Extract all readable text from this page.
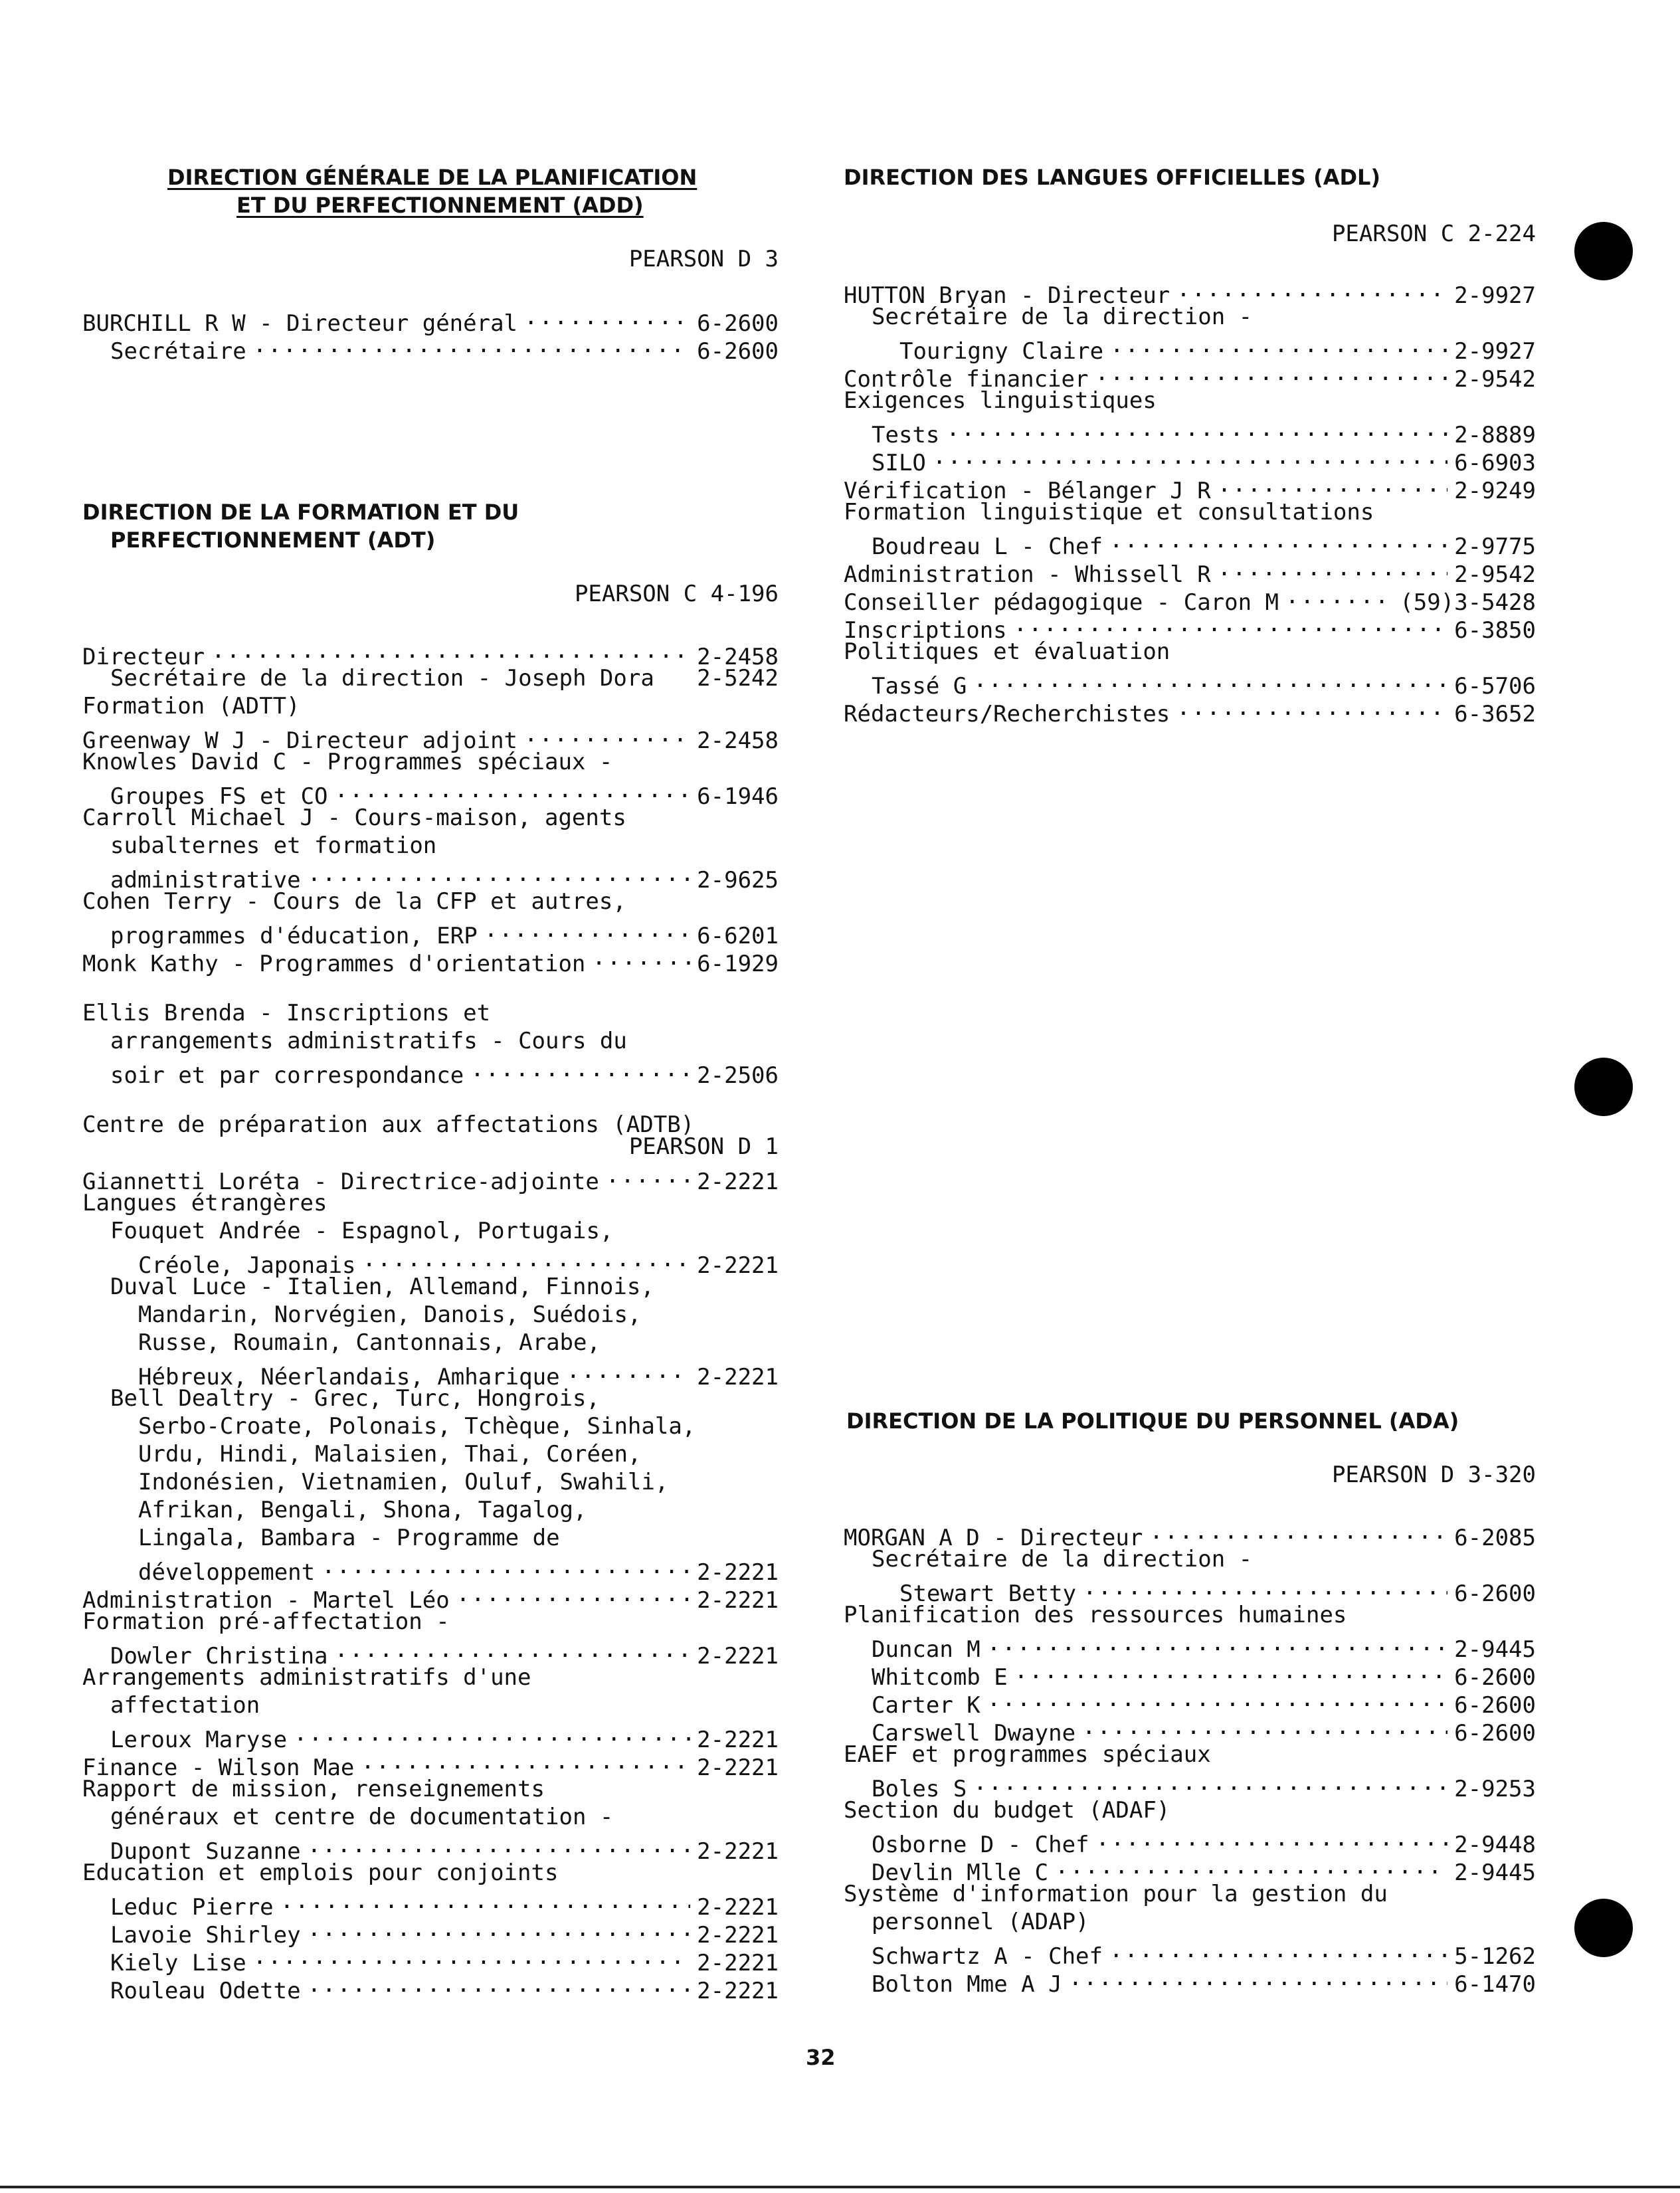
DIRECTION GÉNÉRALE DE LA PLANIFICATION
ET DU PERFECTIONNEMENT (ADD)
PEARSON D 3
BURCHILL R W - Directeur général .....	6-2600
Secrétaire .....	6-2600
DIRECTION DE LA FORMATION ET DU
PERFECTIONNEMENT (ADT)
PEARSON C 4-196
Directeur .....	2-2458
Secrétaire de la direction - Joseph Dora 2-5242
Formation (ADTT)
Greenway W J - Directeur adjoint .....	2-2458
Knowles David C - Programmes spéciaux -
Groupes FS et CO .....	6-1946
Carroll Michael J - Cours-maison, agents
subalternes et formation
administrative .....	2-9625
Cohen Terry - Cours de la CFP et autres,
programmes d'éducation, ERP .....	6-6201
Monk Kathy - Programmes d'orientation .....	6-1929
Ellis Brenda - Inscriptions et
arrangements administratifs - Cours du
soir et par correspondance .....	2-2506
Centre de préparation aux affectations (ADTB)
PEARSON D 1
Giannetti Loréta - Directrice-adjointe .....	2-2221
Langues étrangères
Fouquet Andrée - Espagnol, Portugais,
Créole, Japonais .....	2-2221
Duval Luce - Italien, Allemand, Finnois,
Mandarin, Norvégien, Danois, Suédois,
Russe, Roumain, Cantonnais, Arabe,
Hébreux, Néerlandais, Amharique .....	2-2221
Bell Dealtry - Grec, Turc, Hongrois,
Serbo-Croate, Polonais, Tchèque, Sinhala,
Urdu, Hindi, Malaisien, Thai, Coréen,
Indonésien, Vietnamien, Ouluf, Swahili,
Afrikan, Bengali, Shona, Tagalog,
Lingala, Bambara - Programme de
développement .....	2-2221
Administration - Martel Léo .....	2-2221
Formation pré-affectation -
Dowler Christina .....	2-2221
Arrangements administratifs d'une
affectation
Leroux Maryse .....	2-2221
Finance - Wilson Mae .....	2-2221
Rapport de mission, renseignements
généraux et centre de documentation -
Dupont Suzanne .....	2-2221
Education et emplois pour conjoints
Leduc Pierre .....	2-2221
Lavoie Shirley .....	2-2221
Kiely Lise .....	2-2221
Rouleau Odette .....	2-2221
DIRECTION DES LANGUES OFFICIELLES (ADL)
PEARSON C 2-224
HUTTON Bryan - Directeur .....	2-9927
Secrétaire de la direction -
Tourigny Claire .....	2-9927
Contrôle financier .....	2-9542
Exigences linguistiques
Tests .....	2-8889
SILO .....	6-6903
Vérification - Bélanger J R .....	2-9249
Formation linguistique et consultations
Boudreau L - Chef .....	2-9775
Administration - Whissell R .....	2-9542
Conseiller pédagogique - Caron M .....	(59)3-5428
Inscriptions .....	6-3850
Politiques et évaluation
Tassé G .....	6-5706
Rédacteurs/Recherchistes .....	6-3652
DIRECTION DE LA POLITIQUE DU PERSONNEL (ADA)
PEARSON D 3-320
MORGAN A D - Directeur .....	6-2085
Secrétaire de la direction -
Stewart Betty .....	6-2600
Planification des ressources humaines
Duncan M .....	2-9445
Whitcomb E .....	6-2600
Carter K .....	6-2600
Carswell Dwayne .....	6-2600
EAEF et programmes spéciaux
Boles S .....	2-9253
Section du budget (ADAF)
Osborne D - Chef .....	2-9448
Devlin Mlle C .....	2-9445
Système d'information pour la gestion du
personnel (ADAP)
Schwartz A - Chef .....	5-1262
Bolton Mme A J .....	6-1470
32
